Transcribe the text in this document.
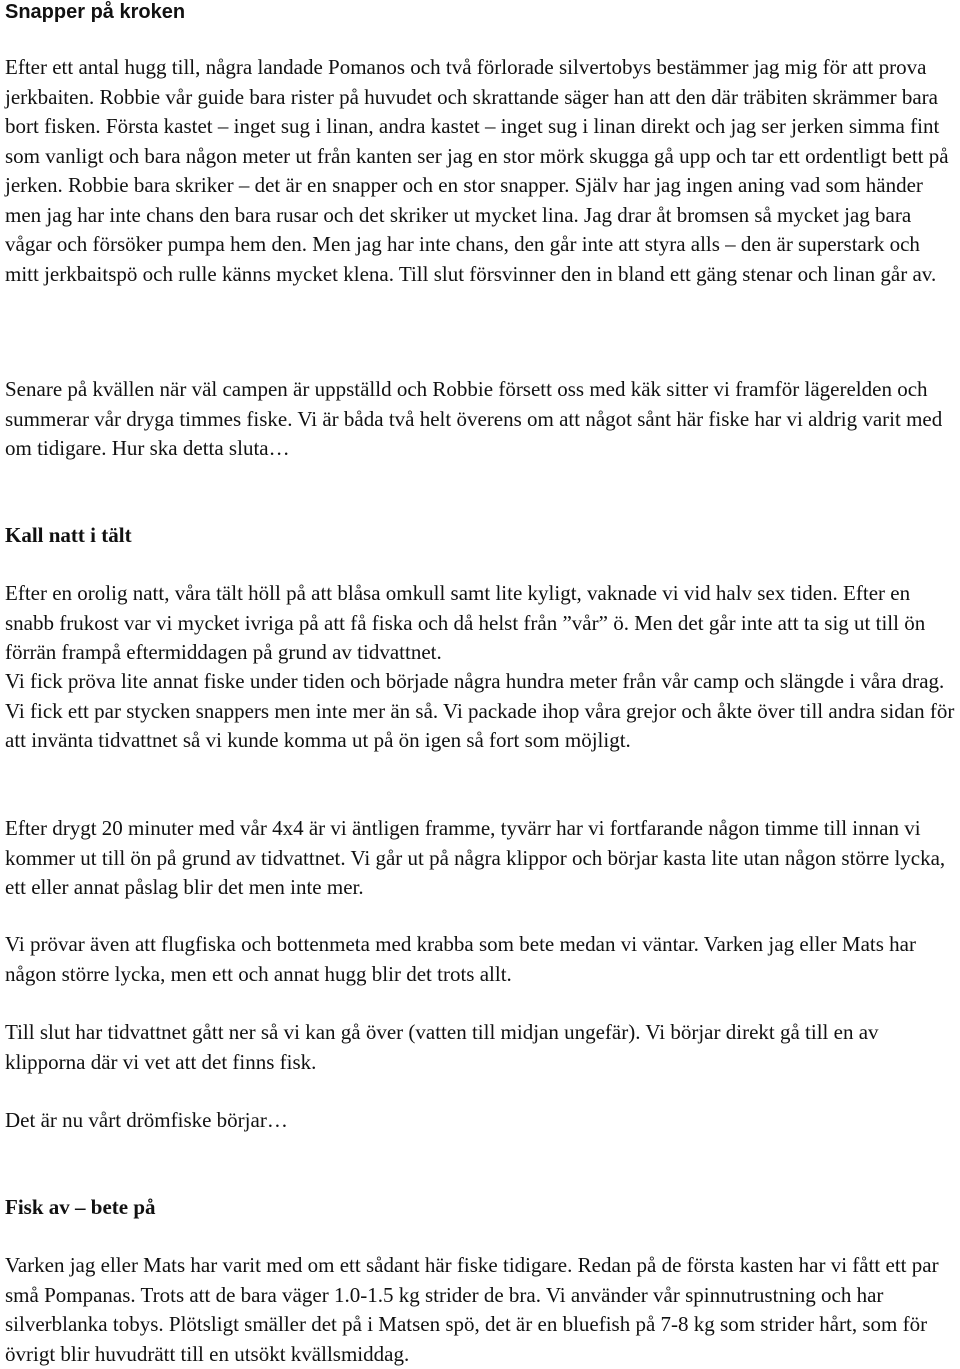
Snapper på kroken

Efter ett antal hugg till, några landade Pomanos och två förlorade silvertobys bestämmer jag mig för att prova jerkbaiten. Robbie vår guide bara rister på huvudet och skrattande säger han att den där träbiten skrämmer bara bort fisken. Första kastet – inget sug i linan, andra kastet – inget sug i linan direkt och jag ser jerken simma fint som vanligt och bara någon meter ut från kanten ser jag en stor mörk skugga gå upp och tar ett ordentligt bett på jerken. Robbie bara skriker – det är en snapper och en stor snapper. Själv har jag ingen aning vad som händer men jag har inte chans den bara rusar och det skriker ut mycket lina. Jag drar åt bromsen så mycket jag bara vågar och försöker pumpa hem den. Men jag har inte chans, den går inte att styra alls – den är superstark och mitt jerkbaitspö och rulle känns mycket klena. Till slut försvinner den in bland ett gäng stenar och linan går av.

Senare på kvällen när väl campen är uppställd och Robbie försett oss med käk sitter vi framför lägerelden och summerar vår dryga timmes fiske. Vi är båda två helt överens om att något sånt här fiske har vi aldrig varit med om tidigare. Hur ska detta sluta…

Kall natt i tält

Efter en orolig natt, våra tält höll på att blåsa omkull samt lite kyligt, vaknade vi vid halv sex tiden. Efter en snabb frukost var vi mycket ivriga på att få fiska och då helst från ”vår” ö. Men det går inte att ta sig ut till ön förrän frampå eftermiddagen på grund av tidvattnet.

Vi fick pröva lite annat fiske under tiden och började några hundra meter från vår camp och slängde i våra drag. Vi fick ett par stycken snappers men inte mer än så. Vi packade ihop våra grejor och åkte över till andra sidan för att invänta tidvattnet så vi kunde komma ut på ön igen så fort som möjligt.

Efter drygt 20 minuter med vår 4x4 är vi äntligen framme, tyvärr har vi fortfarande någon timme till innan vi kommer ut till ön på grund av tidvattnet. Vi går ut på några klippor och börjar kasta lite utan någon större lycka, ett eller annat påslag blir det men inte mer.

Vi prövar även att flugfiska och bottenmeta med krabba som bete medan vi väntar. Varken jag eller Mats har någon större lycka, men ett och annat hugg blir det trots allt.

Till slut har tidvattnet gått ner så vi kan gå över (vatten till midjan ungefär). Vi börjar direkt gå till en av klipporna där vi vet att det finns fisk.

Det är nu vårt drömfiske börjar…

Fisk av – bete på

Varken jag eller Mats har varit med om ett sådant här fiske tidigare. Redan på de första kasten har vi fått ett par små Pompanas. Trots att de bara väger 1.0-1.5 kg strider de bra. Vi använder vår spinnutrustning och har silverblanka tobys. Plötsligt smäller det på i Matsen spö, det är en bluefish på 7-8 kg som strider hårt, som för övrigt blir huvudrätt till en utsökt kvällsmiddag.
